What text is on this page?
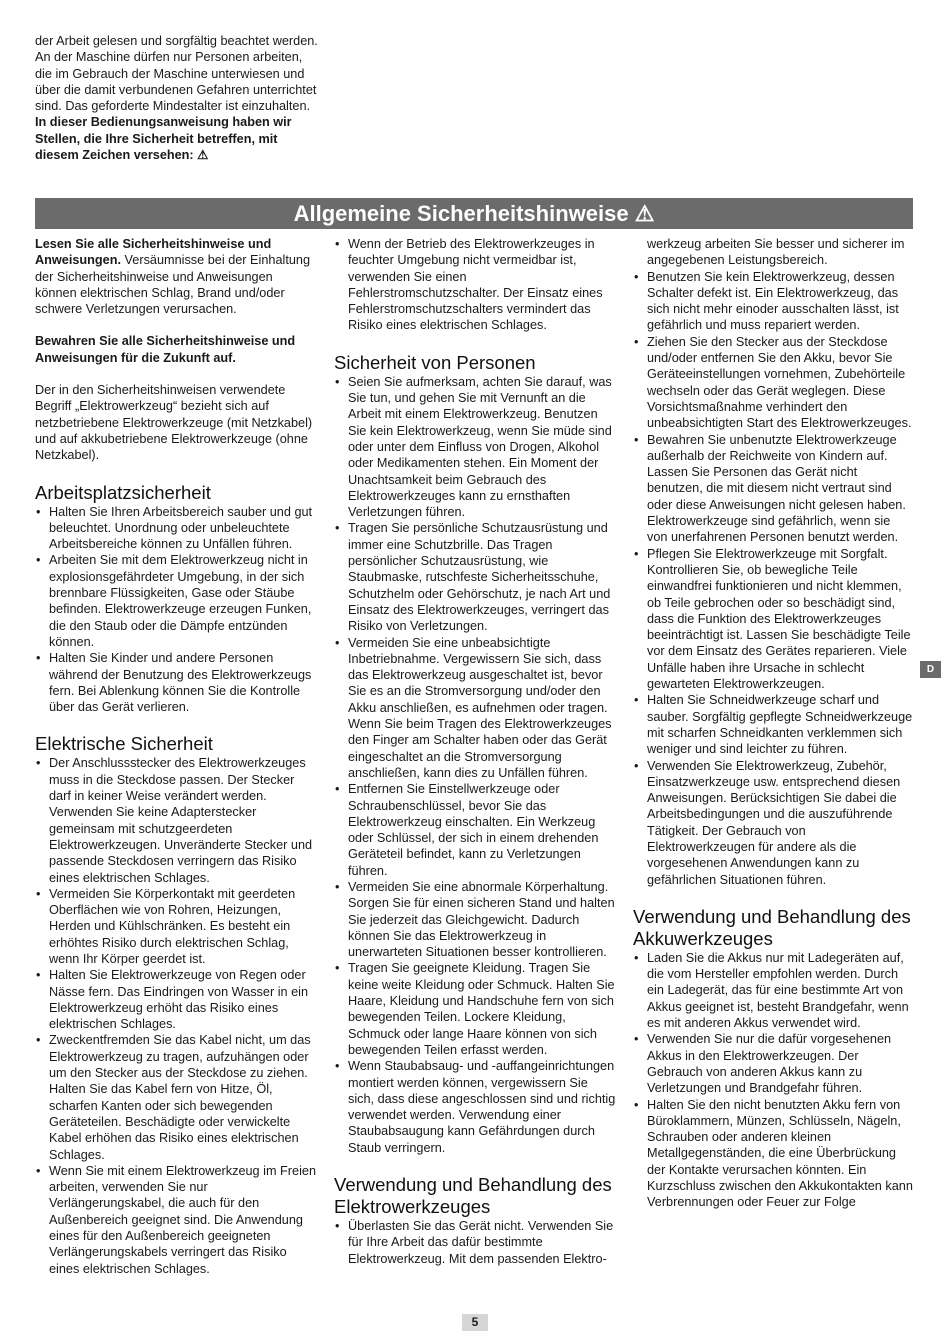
der Arbeit gelesen und sorgfältig beachtet werden. An der Maschine dürfen nur Personen arbeiten, die im Gebrauch der Maschine unterwiesen und über die damit verbundenen Gefahren unterrichtet sind. Das geforderte Mindestalter ist einzuhalten.

In dieser Bedienungsanweisung haben wir Stellen, die Ihre Sicherheit betreffen, mit diesem Zeichen versehen: ⚠

Allgemeine Sicherheitshinweise ⚠

Lesen Sie alle Sicherheitshinweise und Anweisungen. Versäumnisse bei der Einhaltung der Sicherheitshinweise und Anweisungen können elektrischen Schlag, Brand und/oder schwere Verletzungen verursachen.

Bewahren Sie alle Sicherheitshinweise und Anweisungen für die Zukunft auf.

Der in den Sicherheitshinweisen verwendete Begriff „Elektrowerkzeug“ bezieht sich auf netzbetriebene Elektrowerkzeuge (mit Netzkabel) und auf akkubetriebene Elektrowerkzeuge (ohne Netzkabel).

Arbeitsplatzsicherheit
• Halten Sie Ihren Arbeitsbereich sauber und gut beleuchtet. Unordnung oder unbeleuchtete Arbeitsbereiche können zu Unfällen führen.
• Arbeiten Sie mit dem Elektrowerkzeug nicht in explosionsgefährdeter Umgebung, in der sich brennbare Flüssigkeiten, Gase oder Stäube befinden. Elektrowerkzeuge erzeugen Funken, die den Staub oder die Dämpfe entzünden können.
• Halten Sie Kinder und andere Personen während der Benutzung des Elektrowerkzeugs fern. Bei Ablenkung können Sie die Kontrolle über das Gerät verlieren.
Elektrische Sicherheit
• Der Anschlussstecker des Elektrowerkzeuges muss in die Steckdose passen. Der Stecker darf in keiner Weise verändert werden. Verwenden Sie keine Adapterstecker gemeinsam mit schutzgeerdeten Elektrowerkzeugen. Unveränderte Stecker und passende Steckdosen verringern das Risiko eines elektrischen Schlages.
• Vermeiden Sie Körperkontakt mit geerdeten Oberflächen wie von Rohren, Heizungen, Herden und Kühlschränken. Es besteht ein erhöhtes Risiko durch elektrischen Schlag, wenn Ihr Körper geerdet ist.
• Halten Sie Elektrowerkzeuge von Regen oder Nässe fern. Das Eindringen von Wasser in ein Elektrowerkzeug erhöht das Risiko eines elektrischen Schlages.
• Zweckentfremden Sie das Kabel nicht, um das Elektrowerkzeug zu tragen, aufzuhängen oder um den Stecker aus der Steckdose zu ziehen. Halten Sie das Kabel fern von Hitze, Öl, scharfen Kanten oder sich bewegenden Geräteteilen. Beschädigte oder verwickelte Kabel erhöhen das Risiko eines elektrischen Schlages.
• Wenn Sie mit einem Elektrowerkzeug im Freien arbeiten, verwenden Sie nur Verlängerungskabel, die auch für den Außenbereich geeignet sind. Die Anwendung eines für den Außenbereich geeigneten Verlängerungskabels verringert das Risiko eines elektrischen Schlages.
• Wenn der Betrieb des Elektrowerkzeuges in feuchter Umgebung nicht vermeidbar ist, verwenden Sie einen Fehlerstromschutzschalter. Der Einsatz eines Fehlerstromschutzschalters vermindert das Risiko eines elektrischen Schlages.
Sicherheit von Personen
• Seien Sie aufmerksam, achten Sie darauf, was Sie tun, und gehen Sie mit Vernunft an die Arbeit mit einem Elektrowerkzeug. Benutzen Sie kein Elektrowerkzeug, wenn Sie müde sind oder unter dem Einfluss von Drogen, Alkohol oder Medikamenten stehen. Ein Moment der Unachtsamkeit beim Gebrauch des Elektrowerkzeuges kann zu ernsthaften Verletzungen führen.
• Tragen Sie persönliche Schutzausrüstung und immer eine Schutzbrille. Das Tragen persönlicher Schutzausrüstung, wie Staubmaske, rutschfeste Sicherheitsschuhe, Schutzhelm oder Gehörschutz, je nach Art und Einsatz des Elektrowerkzeuges, verringert das Risiko von Verletzungen.
• Vermeiden Sie eine unbeabsichtigte Inbetriebnahme. Vergewissern Sie sich, dass das Elektrowerkzeug ausgeschaltet ist, bevor Sie es an die Stromversorgung und/oder den Akku anschließen, es aufnehmen oder tragen. Wenn Sie beim Tragen des Elektrowerkzeuges den Finger am Schalter haben oder das Gerät eingeschaltet an die Stromversorgung anschließen, kann dies zu Unfällen führen.
• Entfernen Sie Einstellwerkzeuge oder Schraubenschlüssel, bevor Sie das Elektrowerkzeug einschalten. Ein Werkzeug oder Schlüssel, der sich in einem drehenden Geräteteil befindet, kann zu Verletzungen führen.
• Vermeiden Sie eine abnormale Körperhaltung. Sorgen Sie für einen sicheren Stand und halten Sie jederzeit das Gleichgewicht. Dadurch können Sie das Elektrowerkzeug in unerwarteten Situationen besser kontrollieren.
• Tragen Sie geeignete Kleidung. Tragen Sie keine weite Kleidung oder Schmuck. Halten Sie Haare, Kleidung und Handschuhe fern von sich bewegenden Teilen. Lockere Kleidung, Schmuck oder lange Haare können von sich bewegenden Teilen erfasst werden.
• Wenn Staubabsaug- und -auffangeinrichtungen montiert werden können, vergewissern Sie sich, dass diese angeschlossen sind und richtig verwendet werden. Verwendung einer Staubabsaugung kann Gefährdungen durch Staub verringern.
Verwendung und Behandlung des Elektrowerkzeuges
• Überlasten Sie das Gerät nicht. Verwenden Sie für Ihre Arbeit das dafür bestimmte Elektrowerkzeug. Mit dem passenden Elektro-

werkzeug arbeiten Sie besser und sicherer im angegebenen Leistungsbereich.

• Benutzen Sie kein Elektrowerkzeug, dessen Schalter defekt ist. Ein Elektrowerkzeug, das sich nicht mehr einoder ausschalten lässt, ist gefährlich und muss repariert werden.
• Ziehen Sie den Stecker aus der Steckdose und/oder entfernen Sie den Akku, bevor Sie Geräteeinstellungen vornehmen, Zubehörteile wechseln oder das Gerät weglegen. Diese Vorsichtsmaßnahme verhindert den unbeabsichtigten Start des Elektrowerkzeuges.
• Bewahren Sie unbenutzte Elektrowerkzeuge außerhalb der Reichweite von Kindern auf. Lassen Sie Personen das Gerät nicht benutzen, die mit diesem nicht vertraut sind oder diese Anweisungen nicht gelesen haben. Elektrowerkzeuge sind gefährlich, wenn sie von unerfahrenen Personen benutzt werden.
• Pflegen Sie Elektrowerkzeuge mit Sorgfalt. Kontrollieren Sie, ob bewegliche Teile einwandfrei funktionieren und nicht klemmen, ob Teile gebrochen oder so beschädigt sind, dass die Funktion des Elektrowerkzeuges beeinträchtigt ist. Lassen Sie beschädigte Teile vor dem Einsatz des Gerätes reparieren. Viele Unfälle haben ihre Ursache in schlecht gewarteten Elektrowerkzeugen.
• Halten Sie Schneidwerkzeuge scharf und sauber. Sorgfältig gepflegte Schneidwerkzeuge mit scharfen Schneidkanten verklemmen sich weniger und sind leichter zu führen.
• Verwenden Sie Elektrowerkzeug, Zubehör, Einsatzwerkzeuge usw. entsprechend diesen Anweisungen. Berücksichtigen Sie dabei die Arbeitsbedingungen und die auszuführende Tätigkeit. Der Gebrauch von Elektrowerkzeugen für andere als die vorgesehenen Anwendungen kann zu gefährlichen Situationen führen.
Verwendung und Behandlung des Akkuwerkzeuges
• Laden Sie die Akkus nur mit Ladegeräten auf, die vom Hersteller empfohlen werden. Durch ein Ladegerät, das für eine bestimmte Art von Akkus geeignet ist, besteht Brandgefahr, wenn es mit anderen Akkus verwendet wird.
• Verwenden Sie nur die dafür vorgesehenen Akkus in den Elektrowerkzeugen. Der Gebrauch von anderen Akkus kann zu Verletzungen und Brandgefahr führen.
• Halten Sie den nicht benutzten Akku fern von Büroklammern, Münzen, Schlüsseln, Nägeln, Schrauben oder anderen kleinen Metallgegenständen, die eine Überbrückung der Kontakte verursachen könnten. Ein Kurzschluss zwischen den Akkukontakten kann Verbrennungen oder Feuer zur Folge
D
5
